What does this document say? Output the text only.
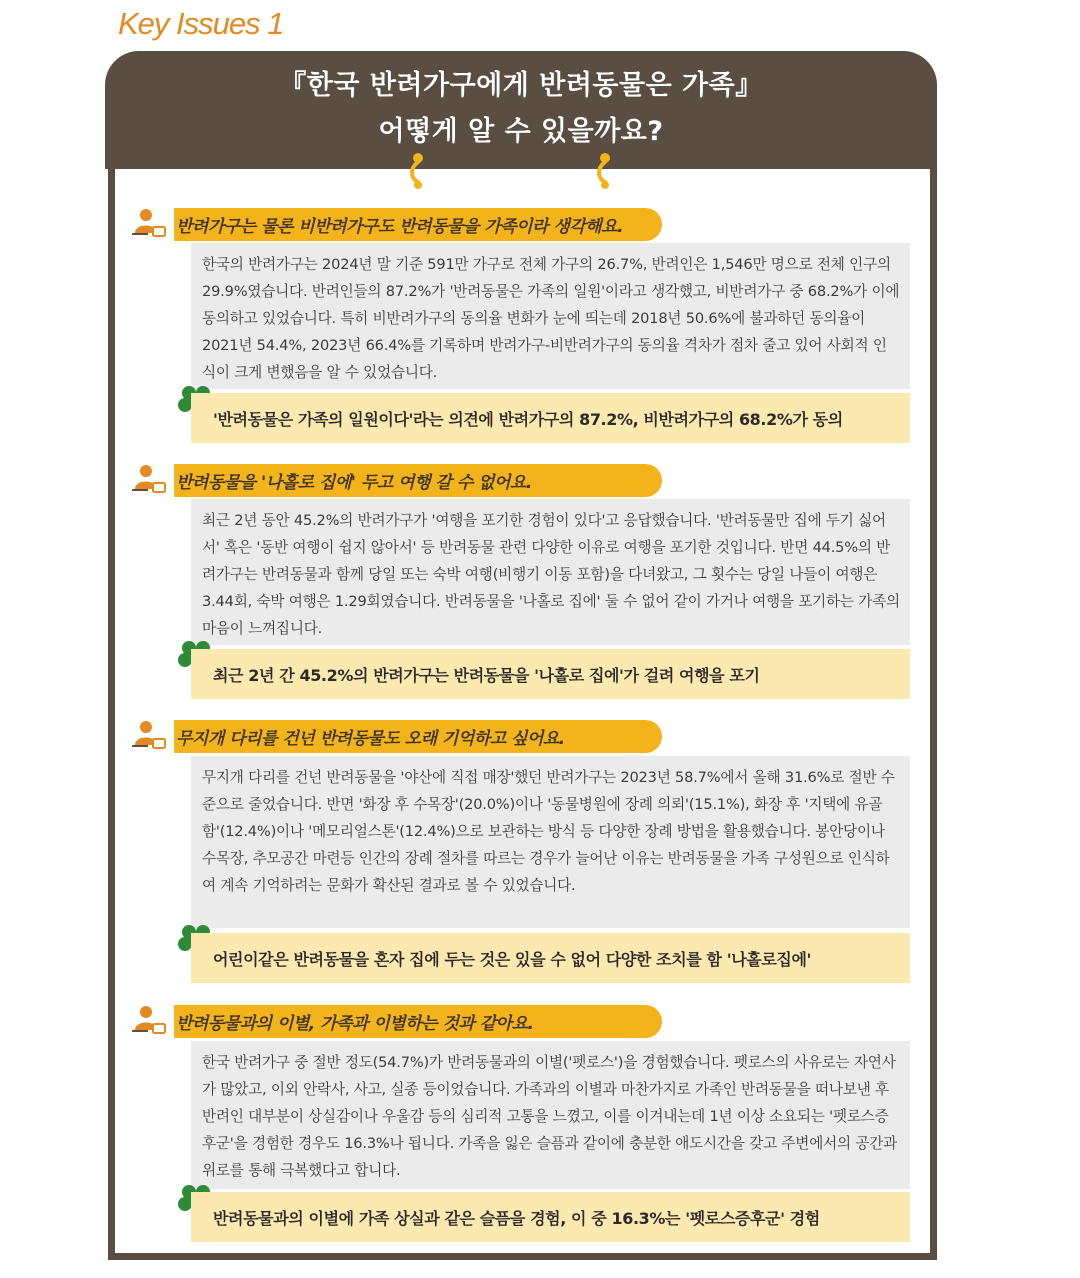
Key Issues 1
『한국 반려가구에게 반려동물은 가족』
어떻게 알 수 있을까요?
반려가구는 물론 비반려가구도 반려동물을 가족이라 생각해요.

한국의 반려가구는 2024년 말 기준 591만 가구로 전체 가구의 26.7%, 반려인은 1,546만 명으로 전체 인구의 29.9%였습니다. 반려인들의 87.2%가 '반려동물은 가족의 일원'이라고 생각했고, 비반려가구 중 68.2%가 이에 동의하고 있었습니다. 특히 비반려가구의 동의율 변화가 눈에 띄는데 2018년 50.6%에 불과하던 동의율이 2021년 54.4%, 2023년 66.4%를 기록하며 반려가구-비반려가구의 동의율 격차가 점차 줄고 있어 사회적 인식이 크게 변했음을 알 수 있었습니다.

'반려동물은 가족의 일원이다'라는 의견에 반려가구의 87.2%, 비반려가구의 68.2%가 동의
반려동물을 '나홀로 집에' 두고 여행 갈 수 없어요.

최근 2년 동안 45.2%의 반려가구가 '여행을 포기한 경험이 있다'고 응답했습니다. '반려동물만 집에 두기 싫어서' 혹은 '동반 여행이 쉽지 않아서' 등 반려동물 관련 다양한 이유로 여행을 포기한 것입니다. 반면 44.5%의 반려가구는 반려동물과 함께 당일 또는 숙박 여행(비행기 이동 포함)을 다녀왔고, 그 횟수는 당일 나들이 여행은 3.44회, 숙박 여행은 1.29회였습니다. 반려동물을 '나홀로 집에' 둘 수 없어 같이 가거나 여행을 포기하는 가족의 마음이 느껴집니다.

최근 2년 간 45.2%의 반려가구는 반려동물을 '나홀로 집에'가 걸려 여행을 포기
무지개 다리를 건넌 반려동물도 오래 기억하고 싶어요.

무지개 다리를 건넌 반려동물을 '야산에 직접 매장'했던 반려가구는 2023년 58.7%에서 올해 31.6%로 절반 수준으로 줄었습니다. 반면 '화장 후 수목장'(20.0%)이나 '동물병원에 장례 의뢰'(15.1%), 화장 후 '지택에 유골함'(12.4%)이나 '메모리얼스톤'(12.4%)으로 보관하는 방식 등 다양한 장례 방법을 활용했습니다. 봉안당이나 수목장, 추모공간 마련등 인간의 장례 절차를 따르는 경우가 늘어난 이유는 반려동물을 가족 구성원으로 인식하여 계속 기억하려는 문화가 확산된 결과로 볼 수 있었습니다.

어린이같은 반려동물을 혼자 집에 두는 것은 있을 수 없어 다양한 조치를 함 '나홀로집에'
반려동물과의 이별, 가족과 이별하는 것과 같아요.

한국 반려가구 중 절반 정도(54.7%)가 반려동물과의 이별('펫로스')을 경험했습니다. 펫로스의 사유로는 자연사가 많았고, 이외 안락사, 사고, 실종 등이었습니다. 가족과의 이별과 마찬가지로 가족인 반려동물을 떠나보낸 후 반려인 대부분이 상실감이나 우울감 등의 심리적 고통을 느꼈고, 이를 이겨내는데 1년 이상 소요되는 '펫로스증후군'을 경험한 경우도 16.3%나 됩니다. 가족을 잃은 슬픔과 같이에 충분한 애도시간을 갖고 주변에서의 공간과 위로를 통해 극복했다고 합니다.

반려동물과의 이별에 가족 상실과 같은 슬픔을 경험, 이 중 16.3%는 '펫로스증후군' 경험
